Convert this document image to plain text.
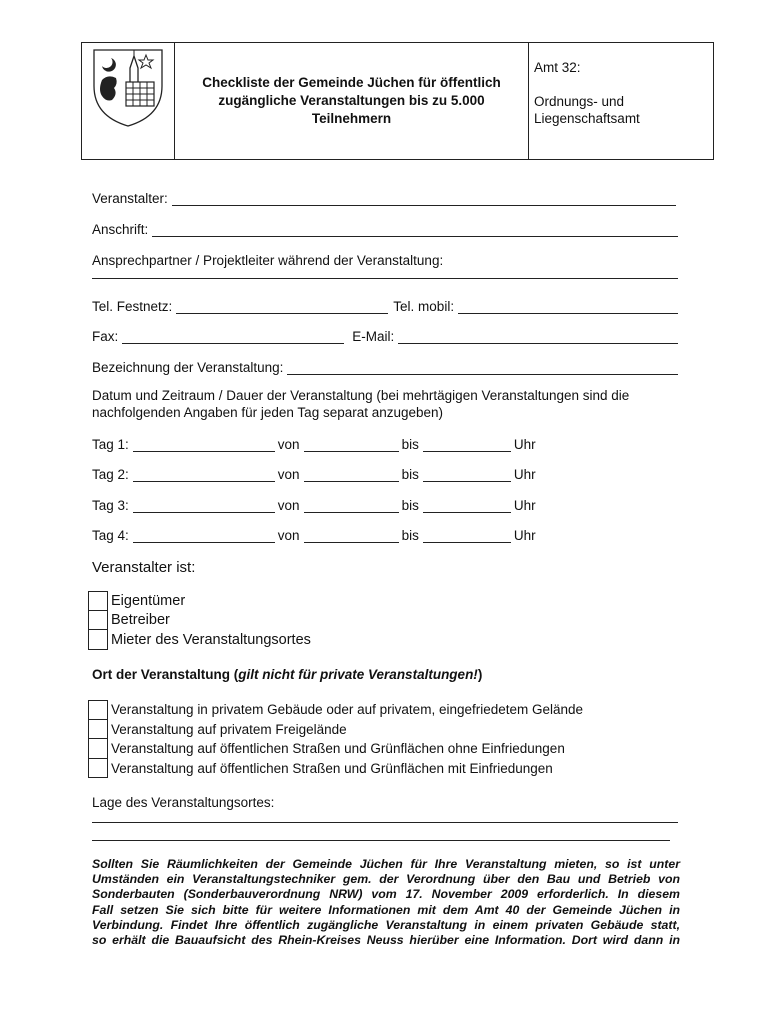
Checkliste der Gemeinde Jüchen für öffentlich
zugängliche Veranstaltungen bis zu 5.000
Teilnehmern
Amt 32:
Ordnungs- und
Liegenschaftsamt
Veranstalter:
Anschrift:
Ansprechpartner / Projektleiter während der Veranstaltung:
Tel. Festnetz:	Tel. mobil:
Fax:	E-Mail:
Bezeichnung der Veranstaltung:
Datum und Zeitraum / Dauer der Veranstaltung (bei mehrtägigen Veranstaltungen sind die
nachfolgenden Angaben für jeden Tag separat anzugeben)
Tag 1:	von	bis	Uhr
Tag 2:	von	bis	Uhr
Tag 3:	von	bis	Uhr
Tag 4:	von	bis	Uhr
Veranstalter ist:
Eigentümer
Betreiber
Mieter des Veranstaltungsortes
Ort der Veranstaltung (gilt nicht für private Veranstaltungen!)
Veranstaltung in privatem Gebäude oder auf privatem, eingefriedetem Gelände
Veranstaltung auf privatem Freigelände
Veranstaltung auf öffentlichen Straßen und Grünflächen ohne Einfriedungen
Veranstaltung auf öffentlichen Straßen und Grünflächen mit Einfriedungen
Lage des Veranstaltungsortes:
Sollten Sie Räumlichkeiten der Gemeinde Jüchen für Ihre Veranstaltung mieten, so ist unter
Umständen ein Veranstaltungstechniker gem. der Verordnung über den Bau und Betrieb von
Sonderbauten (Sonderbauverordnung NRW) vom 17. November 2009 erforderlich. In diesem
Fall setzen Sie sich bitte für weitere Informationen mit dem Amt 40 der Gemeinde Jüchen in
Verbindung. Findet Ihre öffentlich zugängliche Veranstaltung in einem privaten Gebäude statt,
so erhält die Bauaufsicht des Rhein-Kreises Neuss hierüber eine Information. Dort wird dann in
